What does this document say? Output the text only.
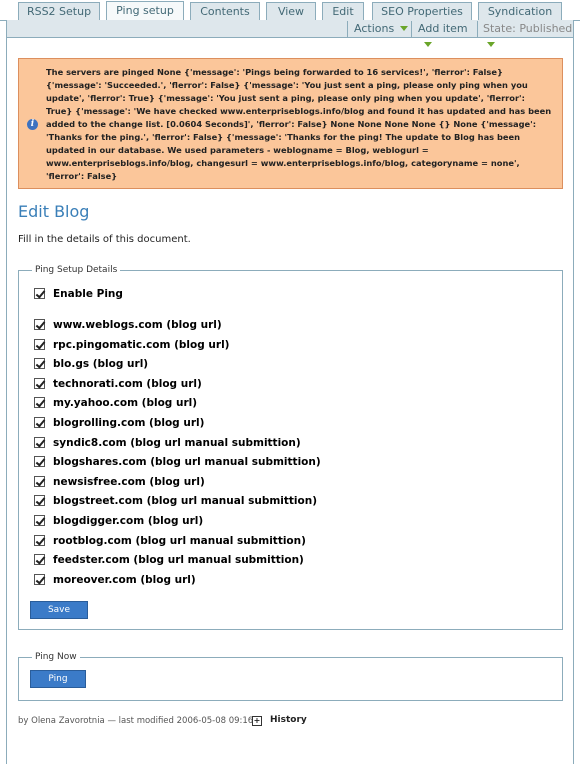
RSS2 Setup	Ping setup	Contents	View	Edit	SEO Properties	Syndication
Actions	Add item	State: Published
The servers are pinged None {'message': 'Pings being forwarded to 16 services!', 'flerror': False} {'message': 'Succeeded.', 'flerror': False} {'message': 'You just sent a ping, please only ping when you update', 'flerror': True} {'message': 'You just sent a ping, please only ping when you update', 'flerror': True} {'message': 'We have checked www.enterpriseblogs.info/blog and found it has updated and has been added to the change list. [0.0604 Seconds]', 'flerror': False} None None None None {} None {'message': 'Thanks for the ping.', 'flerror': False} {'message': 'Thanks for the ping! The update to Blog has been updated in our database. We used parameters - weblogname = Blog, weblogurl = www.enterpriseblogs.info/blog, changesurl = www.enterpriseblogs.info/blog, categoryname = none', 'flerror': False}
i
Edit Blog
Fill in the details of this document.
Ping Setup Details
Enable Ping
www.weblogs.com (blog url)
rpc.pingomatic.com (blog url)
blo.gs (blog url)
technorati.com (blog url)
my.yahoo.com (blog url)
blogrolling.com (blog url)
syndic8.com (blog url manual submittion)
blogshares.com (blog url manual submittion)
newsisfree.com (blog url)
blogstreet.com (blog url manual submittion)
blogdigger.com (blog url)
rootblog.com (blog url manual submittion)
feedster.com (blog url manual submittion)
moreover.com (blog url)
Save
Ping Now
Ping
by Olena Zavorotnia — last modified 2006-05-08 09:16 + History
